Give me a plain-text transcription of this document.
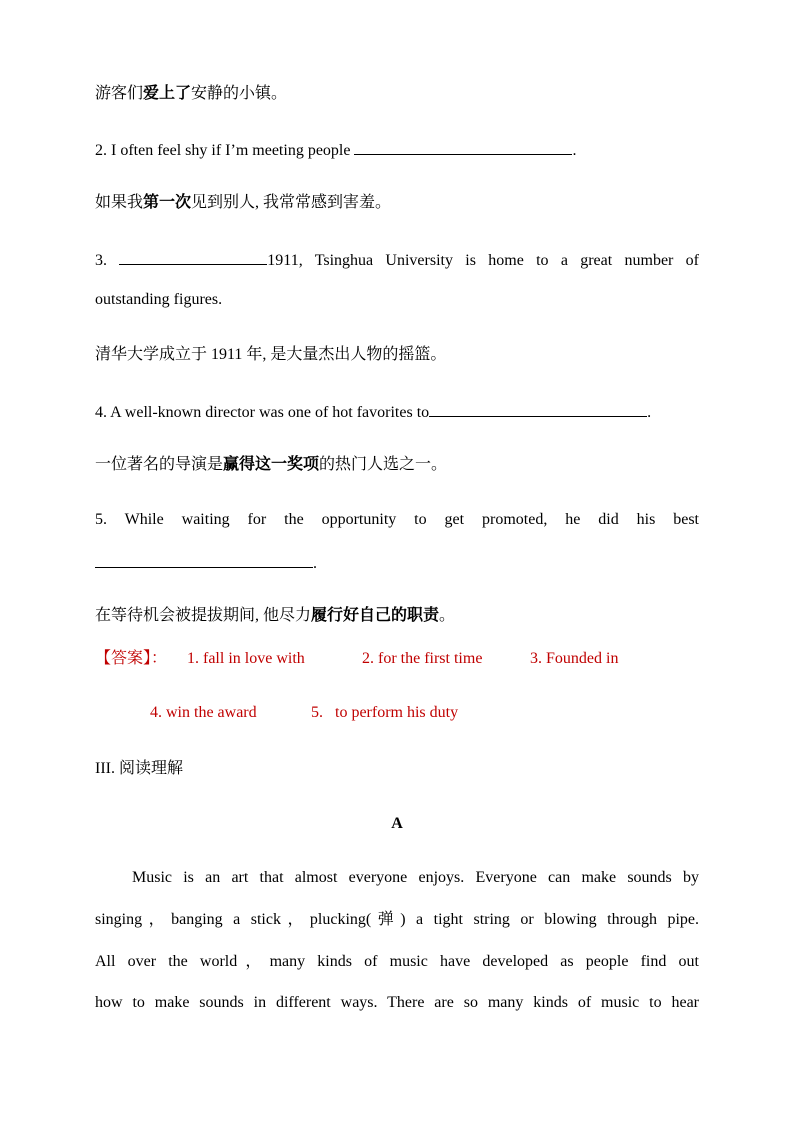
游客们爱上了安静的小镇。
2. I often feel shy if I’m meeting people	.
如果我第一次见到别人, 我常常感到害羞。
3.	1911, Tsinghua University is home to a great number of
outstanding figures.
清华大学成立于 1911 年, 是大量杰出人物的摇篮。
4. A well-known director was one of hot favorites to	.
一位著名的导演是赢得这一奖项的热门人选之一。
5. While waiting for the opportunity to get promoted, he did his best
.
在等待机会被提拔期间, 他尽力履行好自己的职责。
【答案】： 1. fall in love with	2. for the first time	3. Founded in
4. win the award	5.   to perform his duty
III. 阅读理解
A
Music is an art that almost everyone enjoys. Everyone can make sounds by
singing，banging a stick，plucking(弹) a tight string or blowing through pipe.
All over the world，many kinds of music have developed as people find out
how to make sounds in different ways. There are so many kinds of music to hear
